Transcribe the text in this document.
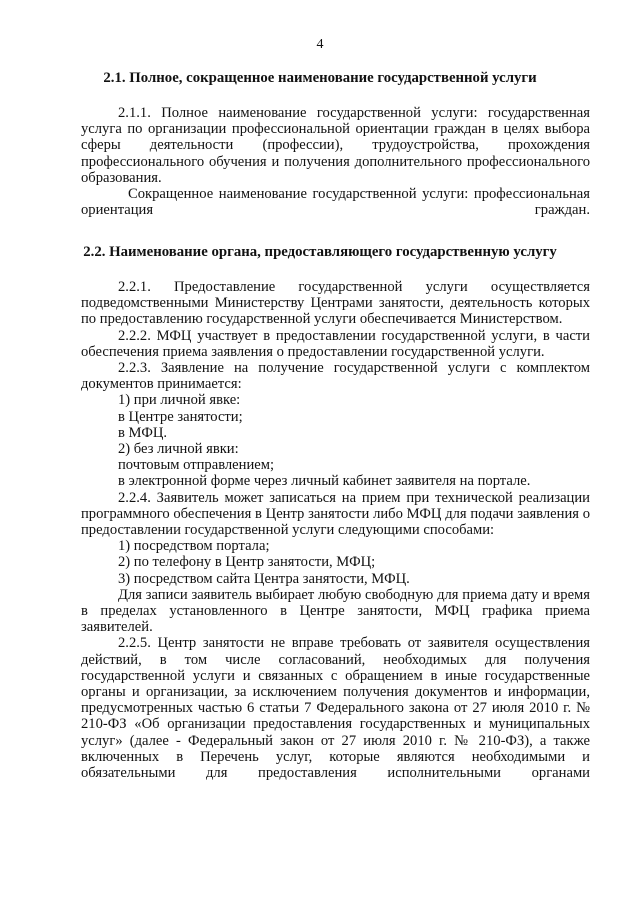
4
2.1. Полное, сокращенное наименование государственной услуги

2.1.1. Полное наименование государственной услуги: государственная услуга по организации профессиональной ориентации граждан в целях выбора сферы деятельности (профессии), трудоустройства, прохождения профессионального обучения и получения дополнительного профессионального образования.

Сокращенное наименование государственной услуги: профессиональная ориентация граждан.

2.2. Наименование органа, предоставляющего государственную услугу

2.2.1. Предоставление государственной услуги осуществляется подведомственными Министерству Центрами занятости, деятельность которых по предоставлению государственной услуги обеспечивается Министерством.

2.2.2. МФЦ участвует в предоставлении государственной услуги, в части обеспечения приема заявления о предоставлении государственной услуги.

2.2.3. Заявление на получение государственной услуги с комплектом документов принимается:

1) при личной явке:

в Центре занятости;

в МФЦ.

2) без личной явки:

почтовым отправлением;

в электронной форме через личный кабинет заявителя на портале.

2.2.4. Заявитель может записаться на прием при технической реализации программного обеспечения в Центр занятости либо МФЦ для подачи заявления о предоставлении государственной услуги следующими способами:

1) посредством портала;

2) по телефону в Центр занятости, МФЦ;

3) посредством сайта Центра занятости, МФЦ.

Для записи заявитель выбирает любую свободную для приема дату и время в пределах установленного в Центре занятости, МФЦ графика приема заявителей.

2.2.5. Центр занятости не вправе требовать от заявителя осуществления действий, в том числе согласований, необходимых для получения государственной услуги и связанных с обращением в иные государственные органы и организации, за исключением получения документов и информации, предусмотренных частью 6 статьи 7 Федерального закона от 27 июля 2010 г. № 210-ФЗ «Об организации предоставления государственных и муниципальных услуг» (далее - Федеральный закон от 27 июля 2010 г. № 210-ФЗ), а также включенных в Перечень услуг, которые являются необходимыми и обязательными для предоставления исполнительными органами
